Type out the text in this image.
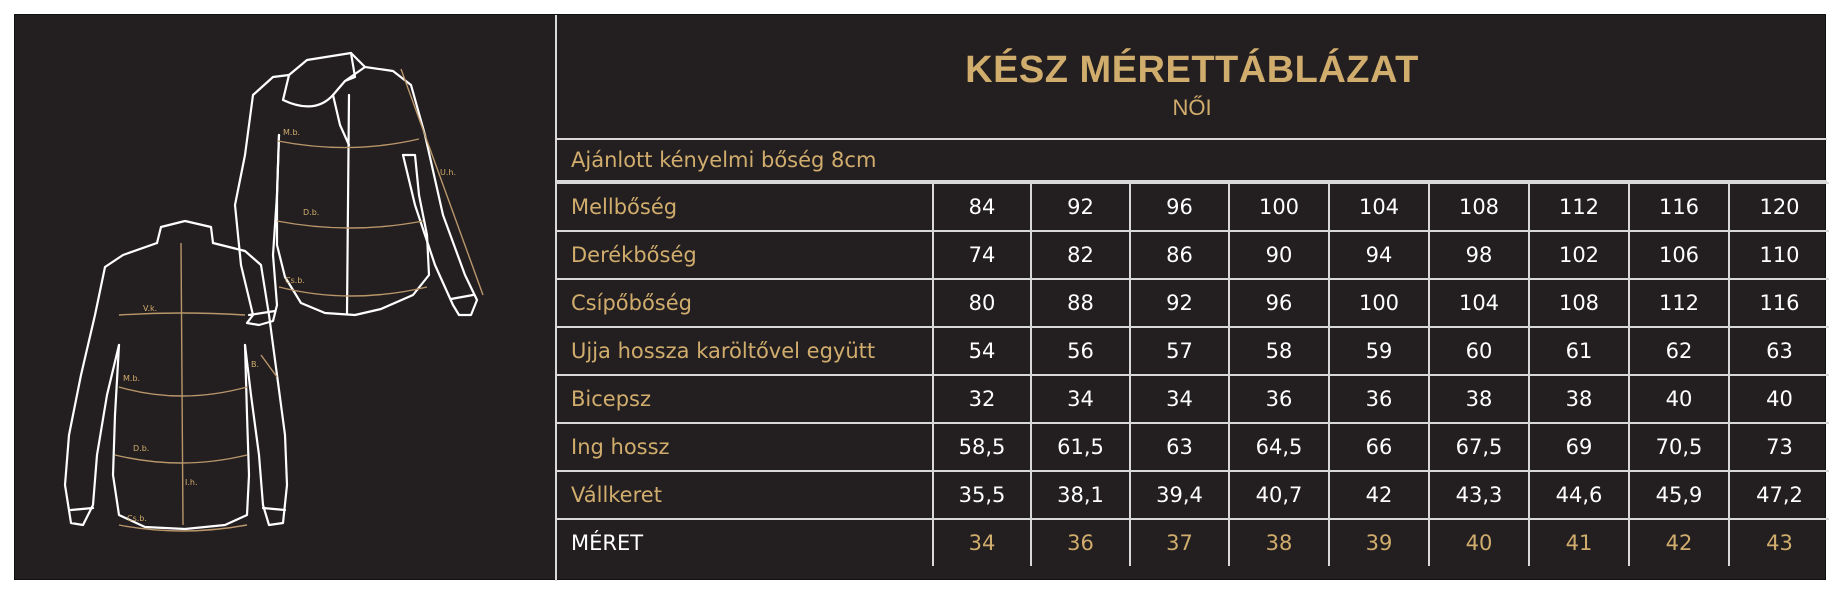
M.b.
D.b.
Cs.b.
U.h.
V.k.
M.b.
B.
D.b.
I.h.
Cs.b.
KÉSZ MÉRETTÁBLÁZAT
NŐI
Ajánlott kényelmi bőség 8cm
Mellbőség	84	92	96	100	104	108	112	116	120
Derékbőség	74	82	86	90	94	98	102	106	110
Csípőbőség	80	88	92	96	100	104	108	112	116
Ujja hossza karöltővel együtt	54	56	57	58	59	60	61	62	63
Bicepsz	32	34	34	36	36	38	38	40	40
Ing hossz	58,5	61,5	63	64,5	66	67,5	69	70,5	73
Vállkeret	35,5	38,1	39,4	40,7	42	43,3	44,6	45,9	47,2
MÉRET	34	36	37	38	39	40	41	42	43
